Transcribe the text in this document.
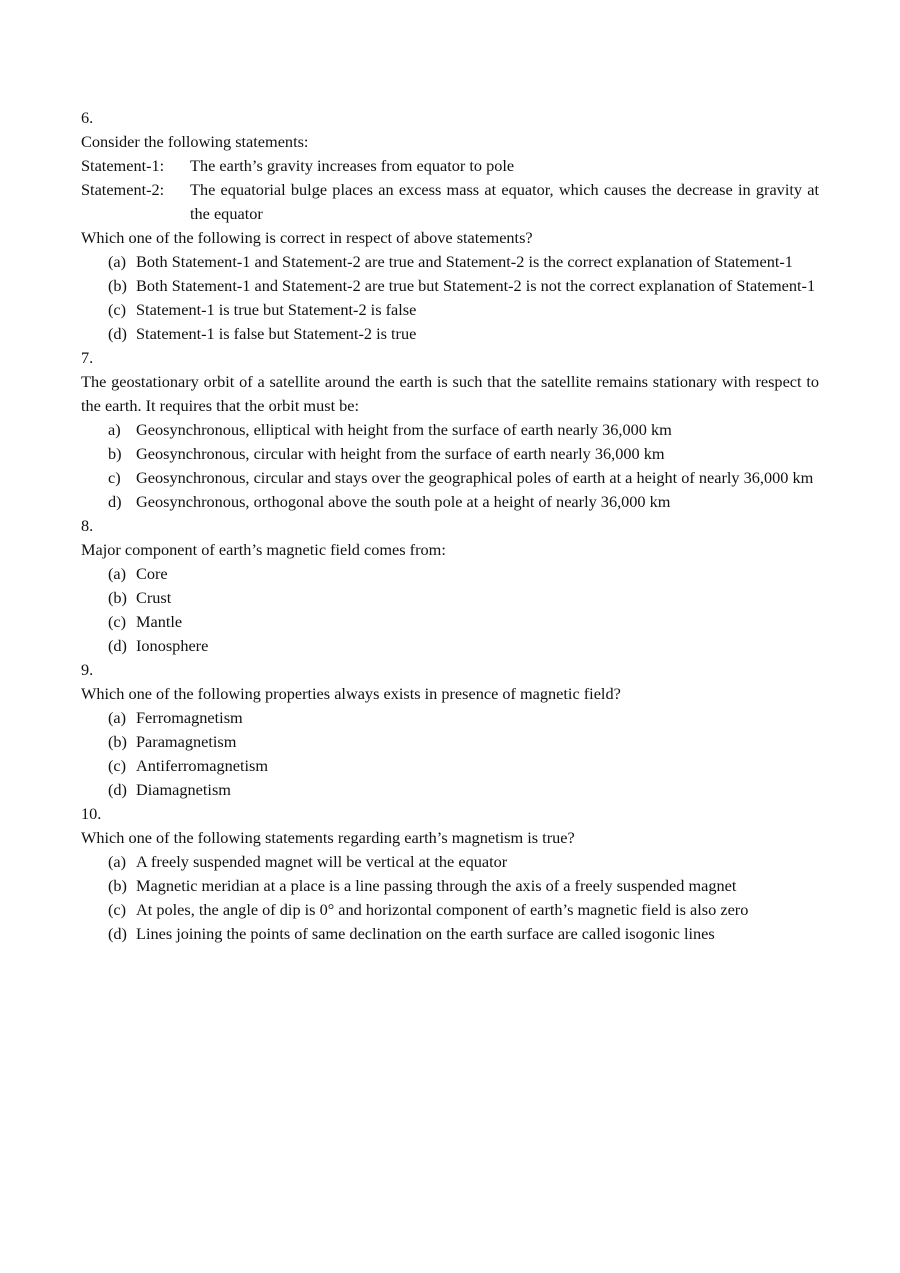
6.
Consider the following statements:
Statement-1:	The earth’s gravity increases from equator to pole
Statement-2:	The equatorial bulge places an excess mass at equator, which causes the decrease in gravity at the equator
Which one of the following is correct in respect of above statements?
(a) Both Statement-1 and Statement-2 are true and Statement-2 is the correct explanation of Statement-1
(b) Both Statement-1 and Statement-2 are true but Statement-2 is not the correct explanation of Statement-1
(c) Statement-1 is true but Statement-2 is false
(d) Statement-1 is false but Statement-2 is true
7.
The geostationary orbit of a satellite around the earth is such that the satellite remains stationary with respect to the earth. It requires that the orbit must be:
a) Geosynchronous, elliptical with height from the surface of earth nearly 36,000 km
b) Geosynchronous, circular with height from the surface of earth nearly 36,000 km
c) Geosynchronous, circular and stays over the geographical poles of earth at a height of nearly 36,000 km
d) Geosynchronous, orthogonal above the south pole at a height of nearly 36,000 km
8.
Major component of earth’s magnetic field comes from:
(a) Core
(b) Crust
(c) Mantle
(d) Ionosphere
9.
Which one of the following properties always exists in presence of magnetic field?
(a) Ferromagnetism
(b) Paramagnetism
(c) Antiferromagnetism
(d) Diamagnetism
10.
Which one of the following statements regarding earth’s magnetism is true?
(a) A freely suspended magnet will be vertical at the equator
(b) Magnetic meridian at a place is a line passing through the axis of a freely suspended magnet
(c) At poles, the angle of dip is 0° and horizontal component of earth’s magnetic field is also zero
(d) Lines joining the points of same declination on the earth surface are called isogonic lines
